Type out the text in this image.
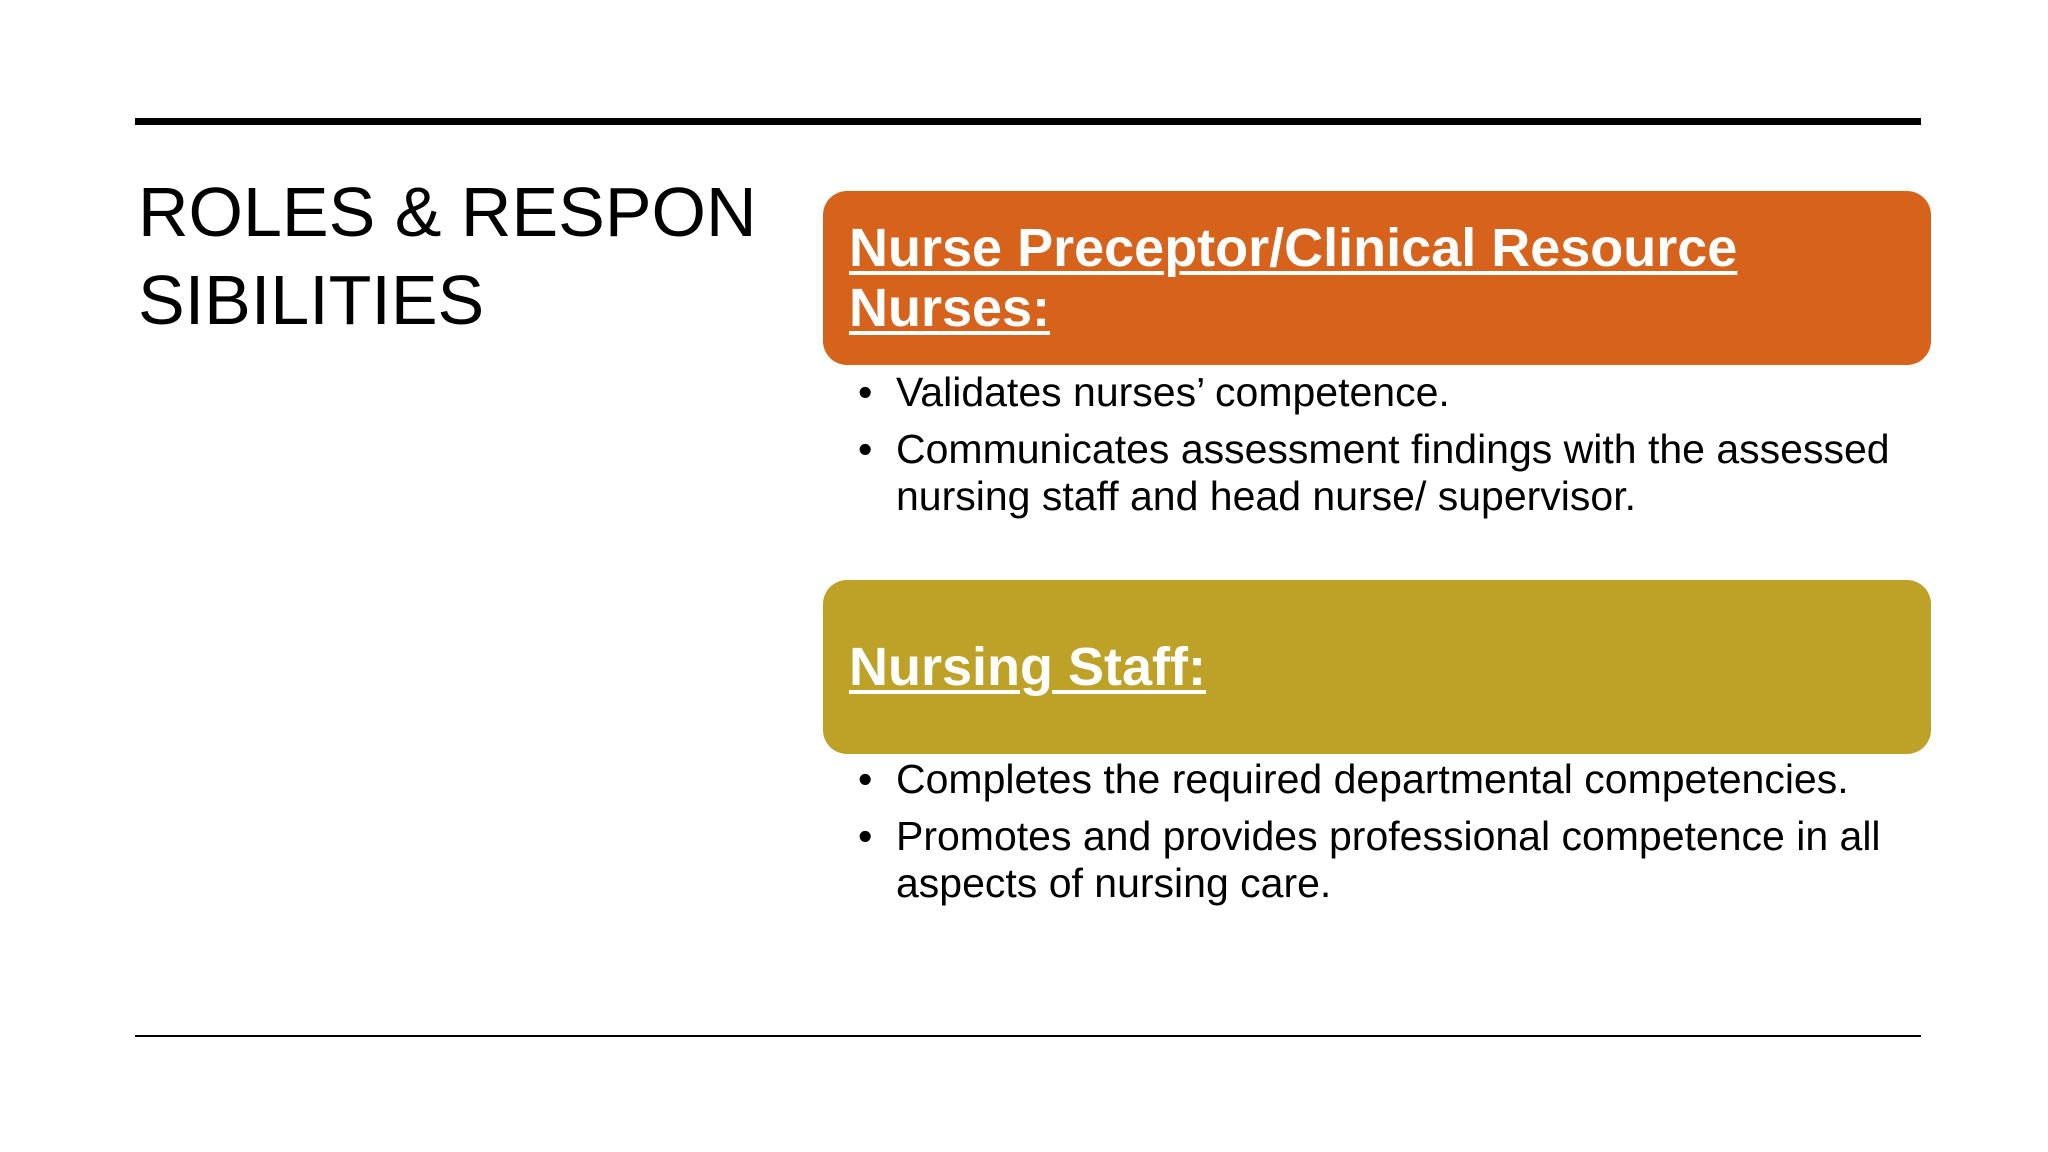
ROLES & RESPONSIBILITIES
Nurse Preceptor/Clinical Resource Nurses:
• Validates nurses’ competence.
• Communicates assessment findings with the assessed nursing staff and head nurse/ supervisor.
Nursing Staff:
• Completes the required departmental competencies.
• Promotes and provides professional competence in all aspects of nursing care.
